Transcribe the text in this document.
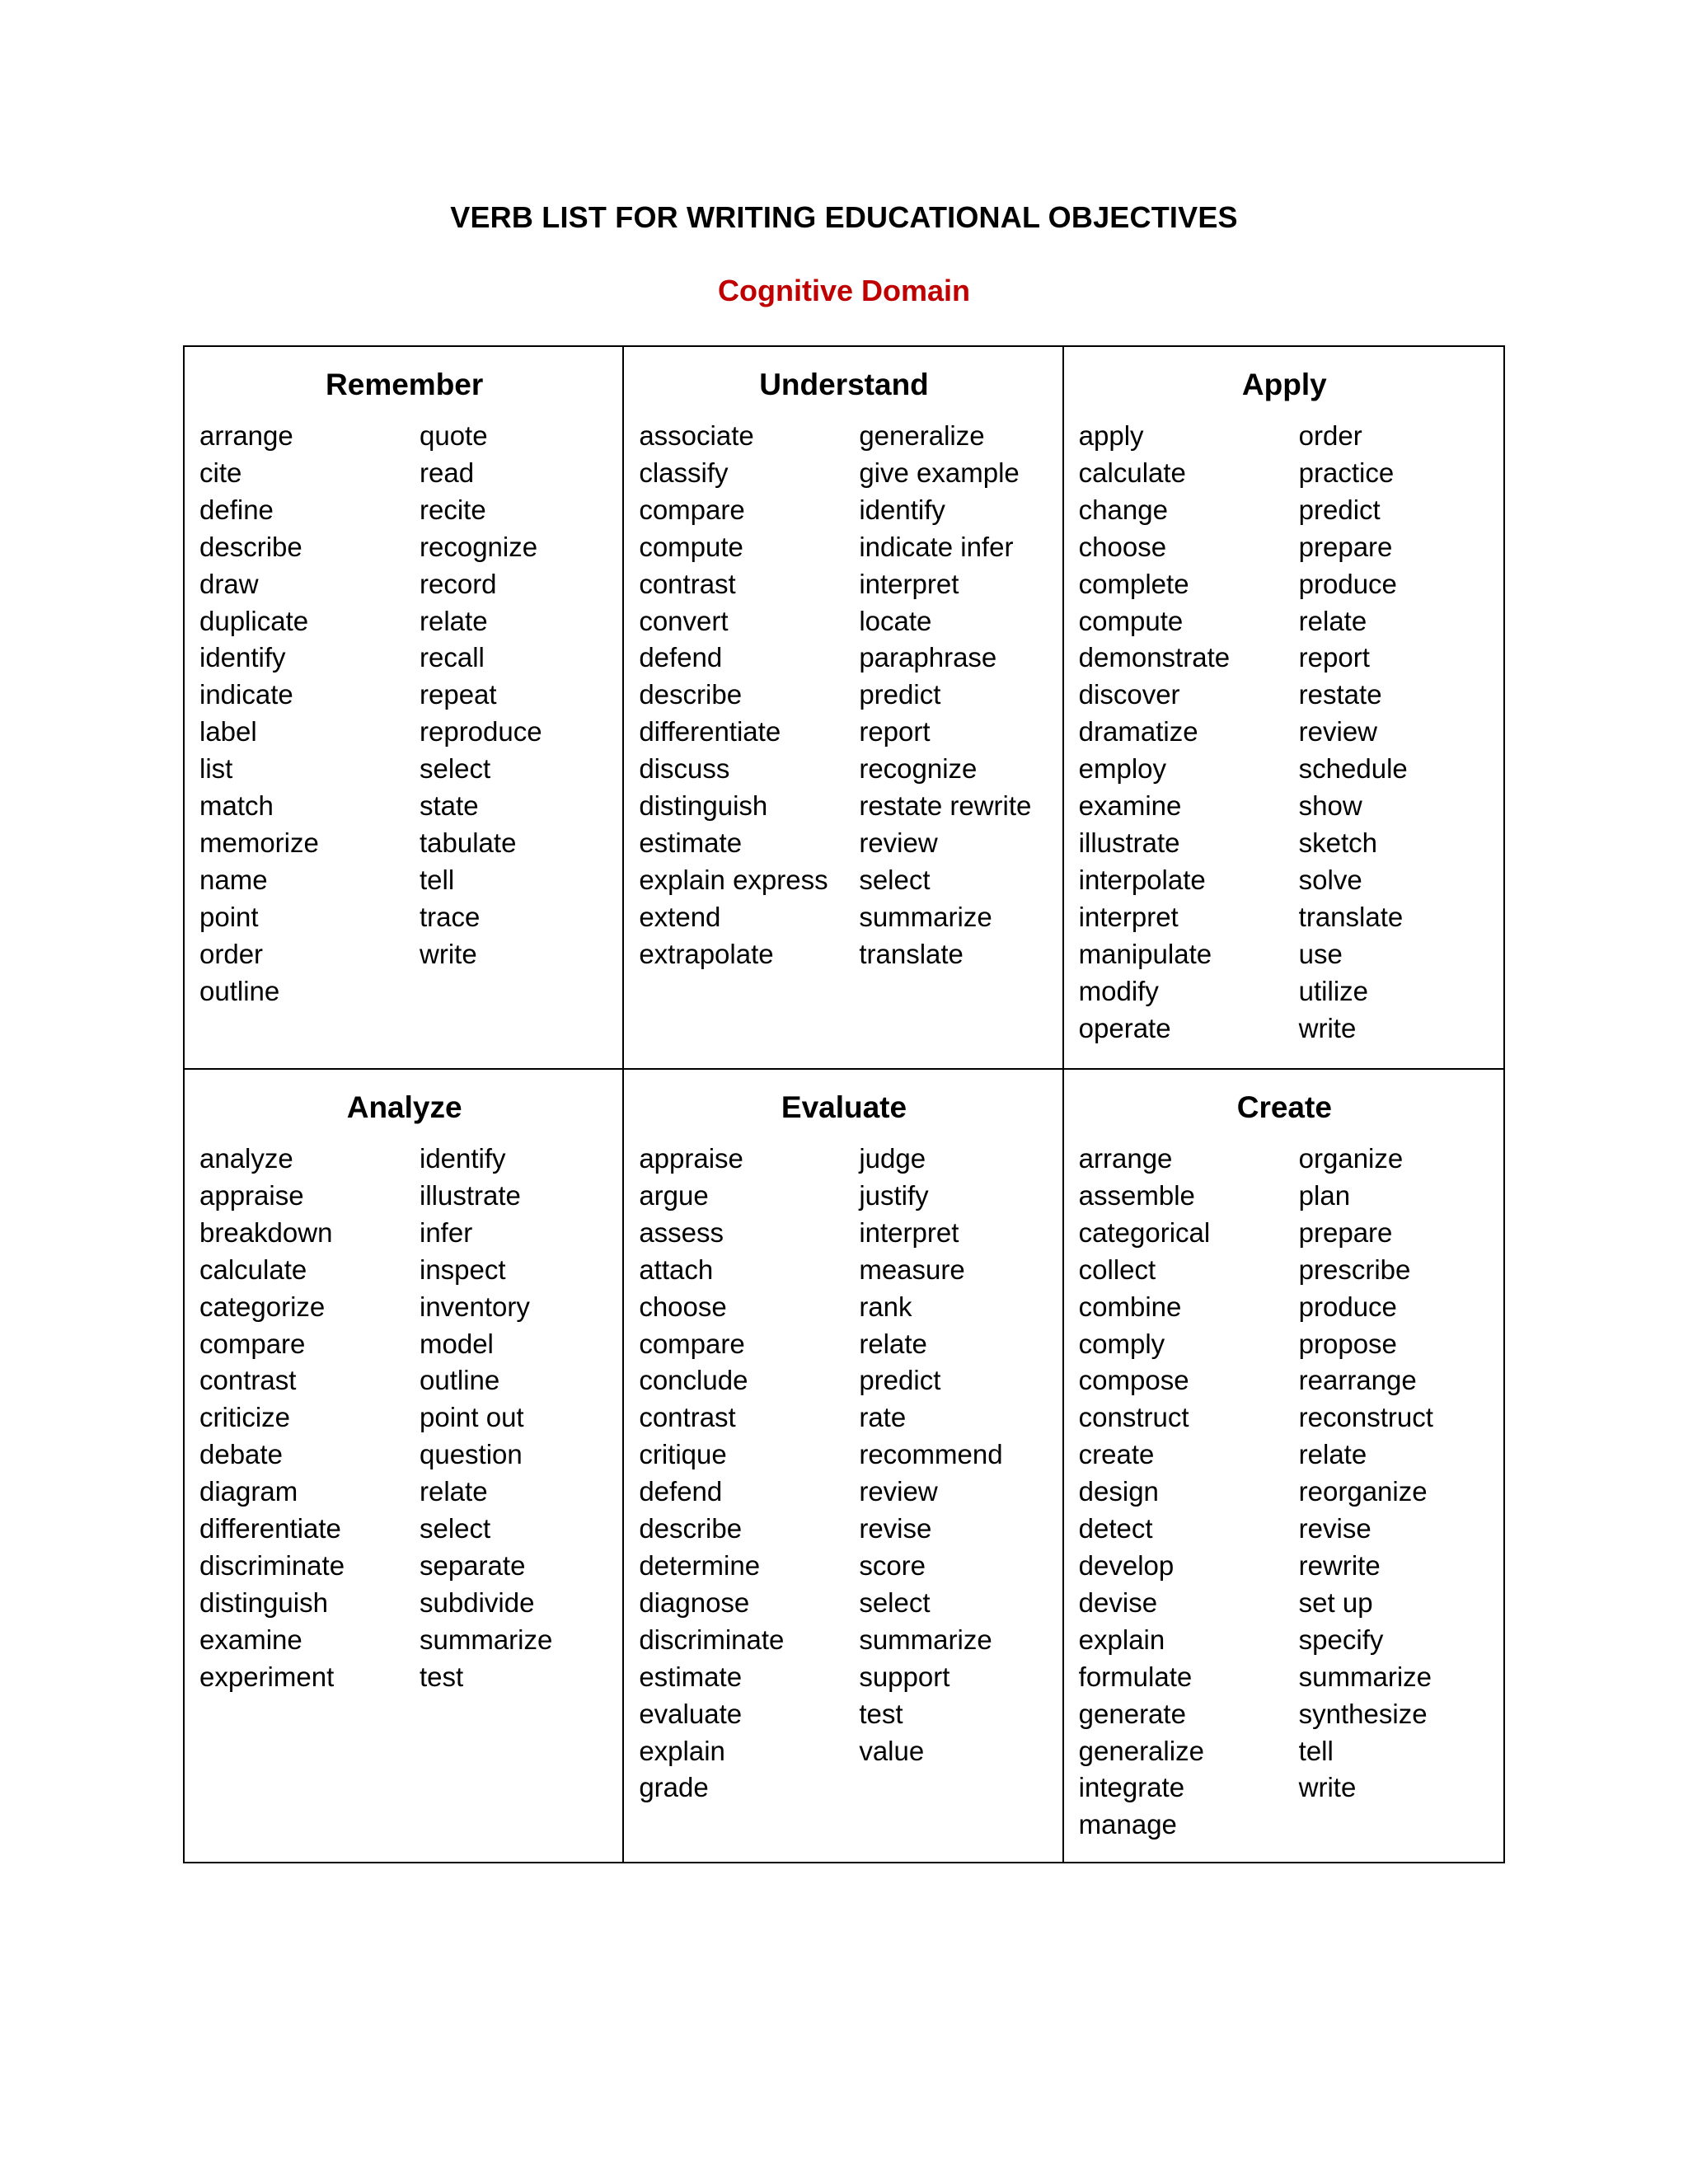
VERB LIST FOR WRITING EDUCATIONAL OBJECTIVES
Cognitive Domain
Remember
arrange
cite
define
describe
draw
duplicate
identify
indicate
label
list
match
memorize
name
point
order
outline
quote
read
recite
recognize
record
relate
recall
repeat
reproduce
select
state
tabulate
tell
trace
write
Understand
associate
classify
compare
compute
contrast
convert
defend
describe
differentiate
discuss
distinguish
estimate
explain express
extend
extrapolate
generalize
give example
identify
indicate infer
interpret
locate
paraphrase
predict
report
recognize
restate rewrite
review
select
summarize
translate
Apply
apply
calculate
change
choose
complete
compute
demonstrate
discover
dramatize
employ
examine
illustrate
interpolate
interpret
manipulate
modify
operate
order
practice
predict
prepare
produce
relate
report
restate
review
schedule
show
sketch
solve
translate
use
utilize
write
Analyze
analyze
appraise
breakdown
calculate
categorize
compare
contrast
criticize
debate
diagram
differentiate
discriminate
distinguish
examine
experiment
identify
illustrate
infer
inspect
inventory
model
outline
point out
question
relate
select
separate
subdivide
summarize
test
Evaluate
appraise
argue
assess
attach
choose
compare
conclude
contrast
critique
defend
describe
determine
diagnose
discriminate
estimate
evaluate
explain
grade
judge
justify
interpret
measure
rank
relate
predict
rate
recommend
review
revise
score
select
summarize
support
test
value
Create
arrange
assemble
categorical
collect
combine
comply
compose
construct
create
design
detect
develop
devise
explain
formulate
generate
generalize
integrate
manage
organize
plan
prepare
prescribe
produce
propose
rearrange
reconstruct
relate
reorganize
revise
rewrite
set up
specify
summarize
synthesize
tell
write
